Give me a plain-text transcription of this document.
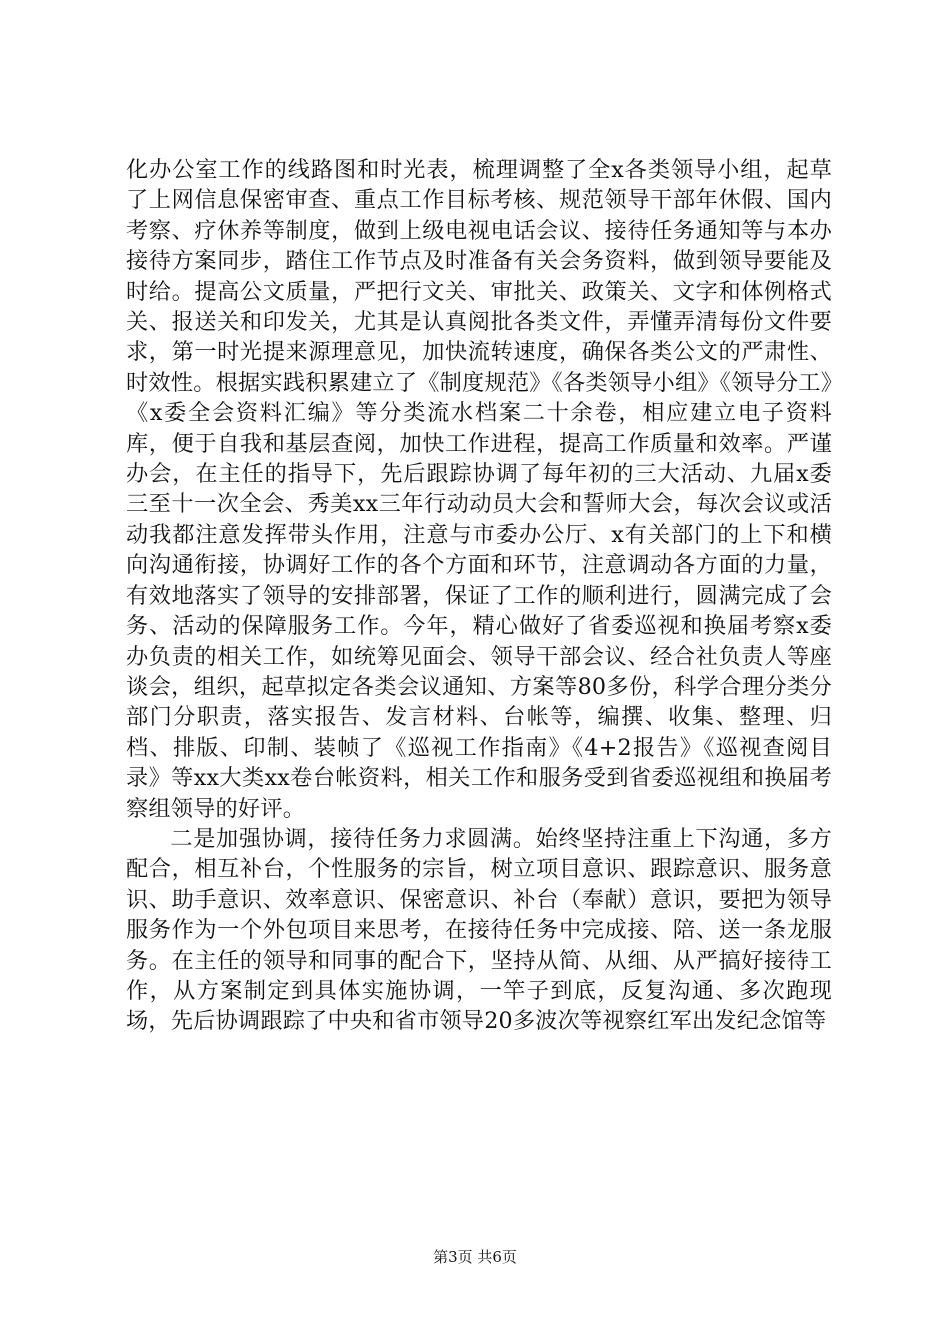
化办公室工作的线路图和时光表，梳理调整了全x各类领导小组，起草了上网信息保密审查、重点工作目标考核、规范领导干部年休假、国内考察、疗休养等制度，做到上级电视电话会议、接待任务通知等与本办接待方案同步，踏住工作节点及时准备有关会务资料，做到领导要能及时给。提高公文质量，严把行文关、审批关、政策关、文字和体例格式关、报送关和印发关，尤其是认真阅批各类文件，弄懂弄清每份文件要求，第一时光提来源理意见，加快流转速度，确保各类公文的严肃性、时效性。根据实践积累建立了《制度规范》《各类领导小组》《领导分工》《x委全会资料汇编》等分类流水档案二十余卷，相应建立电子资料库，便于自我和基层查阅，加快工作进程，提高工作质量和效率。严谨办会，在主任的指导下，先后跟踪协调了每年初的三大活动、九届x委三至十一次全会、秀美xx三年行动动员大会和誓师大会，每次会议或活动我都注意发挥带头作用，注意与市委办公厅、x有关部门的上下和横向沟通衔接，协调好工作的各个方面和环节，注意调动各方面的力量，有效地落实了领导的安排部署，保证了工作的顺利进行，圆满完成了会务、活动的保障服务工作。今年，精心做好了省委巡视和换届考察x委办负责的相关工作，如统筹见面会、领导干部会议、经合社负责人等座谈会，组织，起草拟定各类会议通知、方案等80多份，科学合理分类分部门分职责，落实报告、发言材料、台帐等，编撰、收集、整理、归档、排版、印制、装帧了《巡视工作指南》《4+2报告》《巡视查阅目录》等xx大类xx卷台帐资料，相关工作和服务受到省委巡视组和换届考察组领导的好评。

二是加强协调，接待任务力求圆满。始终坚持注重上下沟通，多方配合，相互补台，个性服务的宗旨，树立项目意识、跟踪意识、服务意识、助手意识、效率意识、保密意识、补台（奉献）意识，要把为领导服务作为一个外包项目来思考，在接待任务中完成接、陪、送一条龙服务。在主任的领导和同事的配合下，坚持从简、从细、从严搞好接待工作，从方案制定到具体实施协调，一竿子到底，反复沟通、多次跑现场，先后协调跟踪了中央和省市领导20多波次等视察红军出发纪念馆等

第3页 共6页
